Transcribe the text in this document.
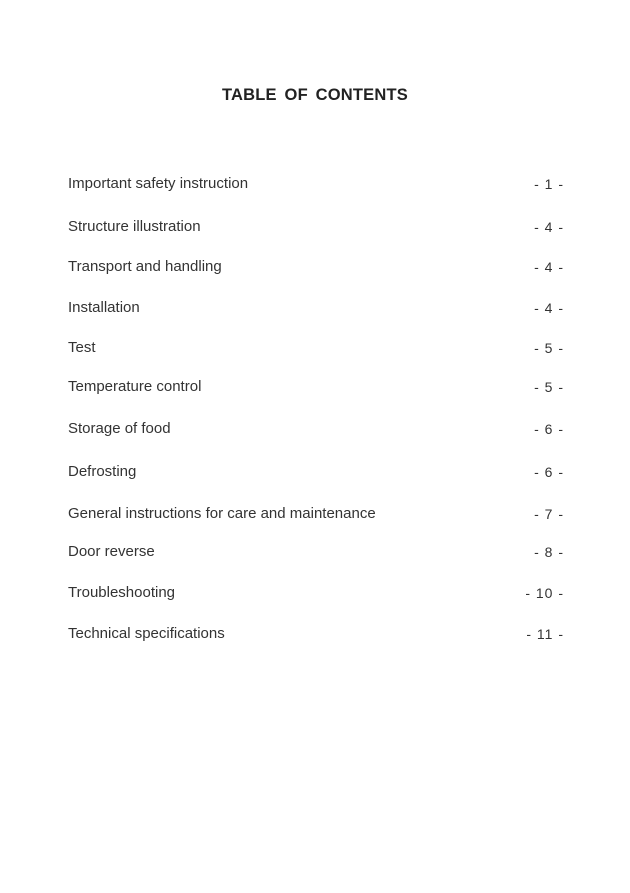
TABLE OF CONTENTS
Important safety instruction	- 1 -
Structure illustration	- 4 -
Transport and handling	- 4 -
Installation	- 4 -
Test	- 5 -
Temperature control	- 5 -
Storage of food	- 6 -
Defrosting	- 6 -
General instructions for care and maintenance	- 7 -
Door reverse	- 8 -
Troubleshooting	- 10 -
Technical specifications	- 11 -
